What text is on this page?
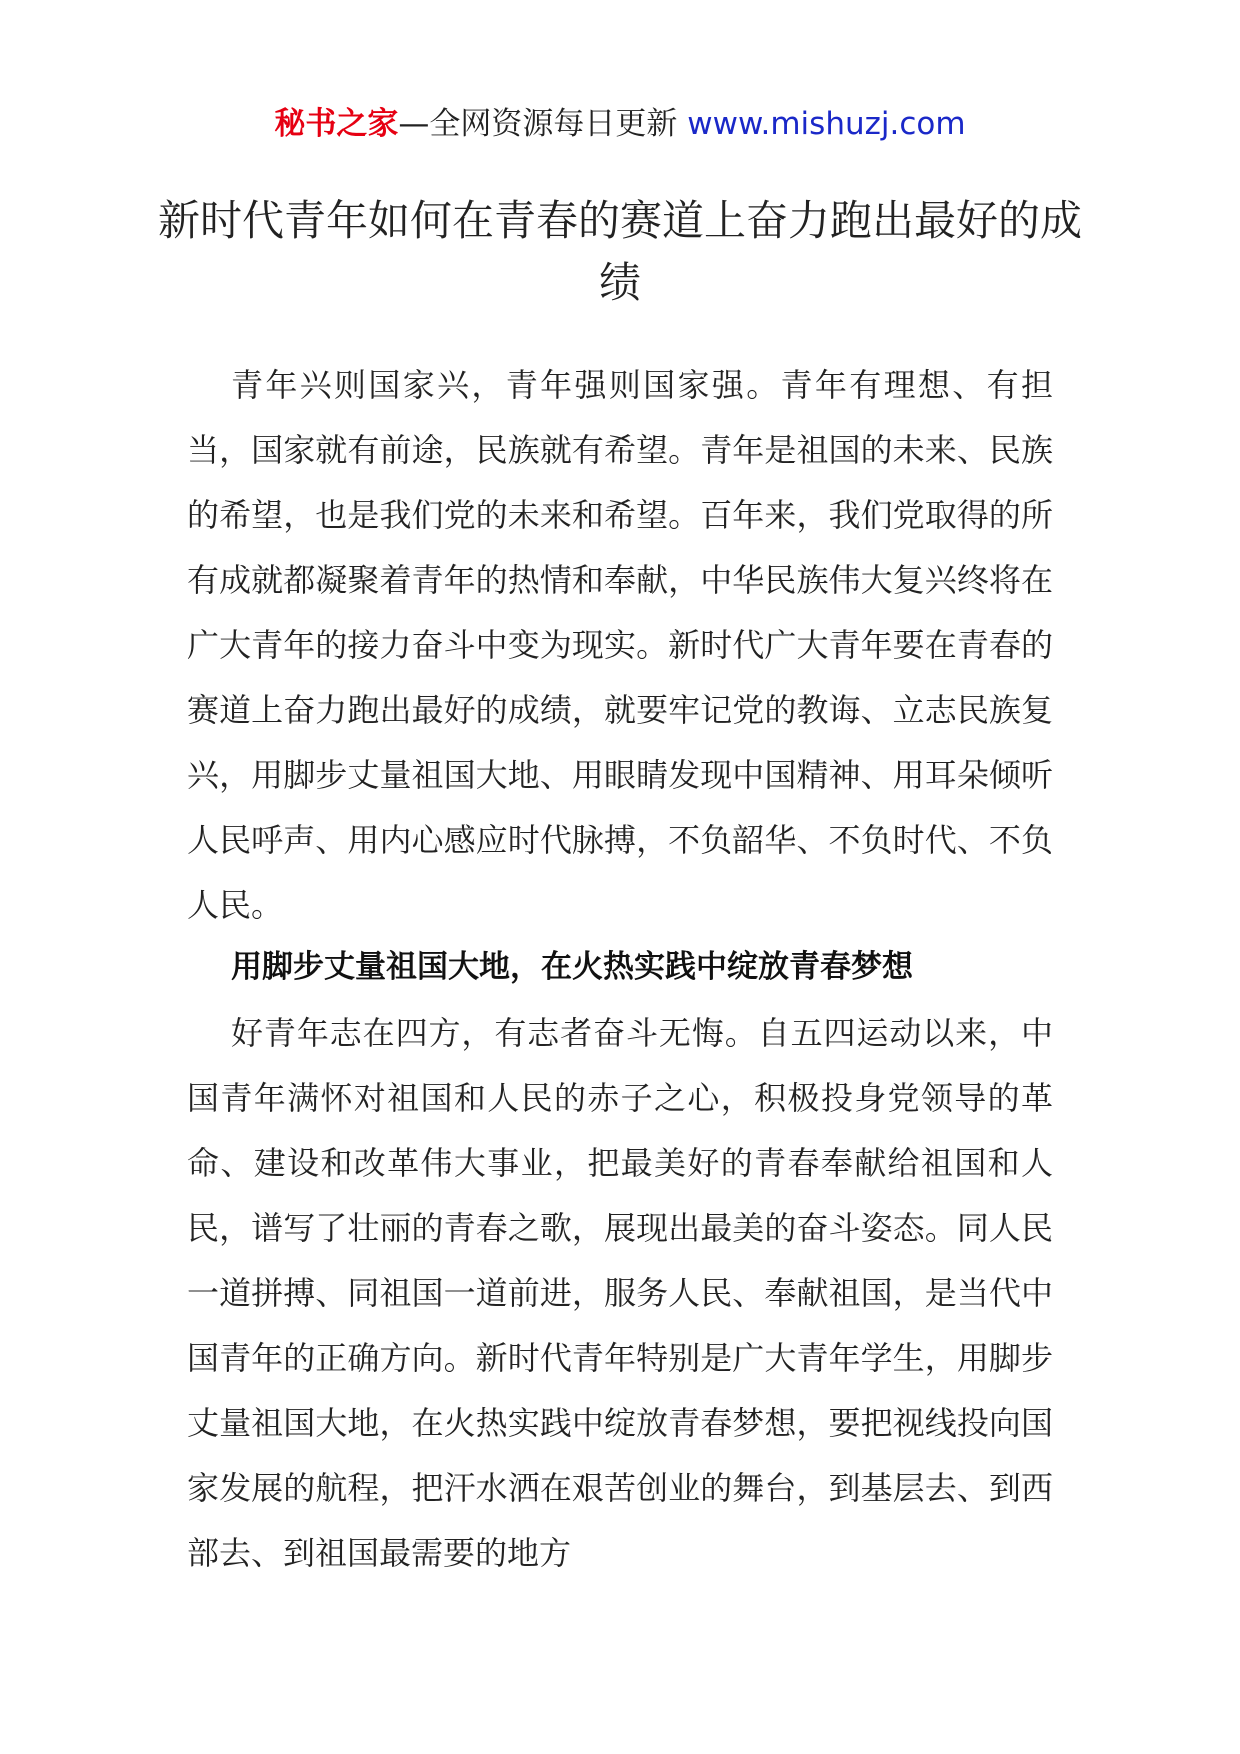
秘书之家—全网资源每日更新 www.mishuzj.com
新时代青年如何在青春的赛道上奋力跑出最好的成绩

青年兴则国家兴，青年强则国家强。青年有理想、有担当，国家就有前途，民族就有希望。青年是祖国的未来、民族的希望，也是我们党的未来和希望。百年来，我们党取得的所有成就都凝聚着青年的热情和奉献，中华民族伟大复兴终将在广大青年的接力奋斗中变为现实。新时代广大青年要在青春的赛道上奋力跑出最好的成绩，就要牢记党的教诲、立志民族复兴，用脚步丈量祖国大地、用眼睛发现中国精神、用耳朵倾听人民呼声、用内心感应时代脉搏，不负韶华、不负时代、不负人民。

用脚步丈量祖国大地，在火热实践中绽放青春梦想

好青年志在四方，有志者奋斗无悔。自五四运动以来，中国青年满怀对祖国和人民的赤子之心，积极投身党领导的革命、建设和改革伟大事业，把最美好的青春奉献给祖国和人民，谱写了壮丽的青春之歌，展现出最美的奋斗姿态。同人民一道拼搏、同祖国一道前进，服务人民、奉献祖国，是当代中国青年的正确方向。新时代青年特别是广大青年学生，用脚步丈量祖国大地，在火热实践中绽放青春梦想，要把视线投向国家发展的航程，把汗水洒在艰苦创业的舞台，到基层去、到西部去、到祖国最需要的地方
